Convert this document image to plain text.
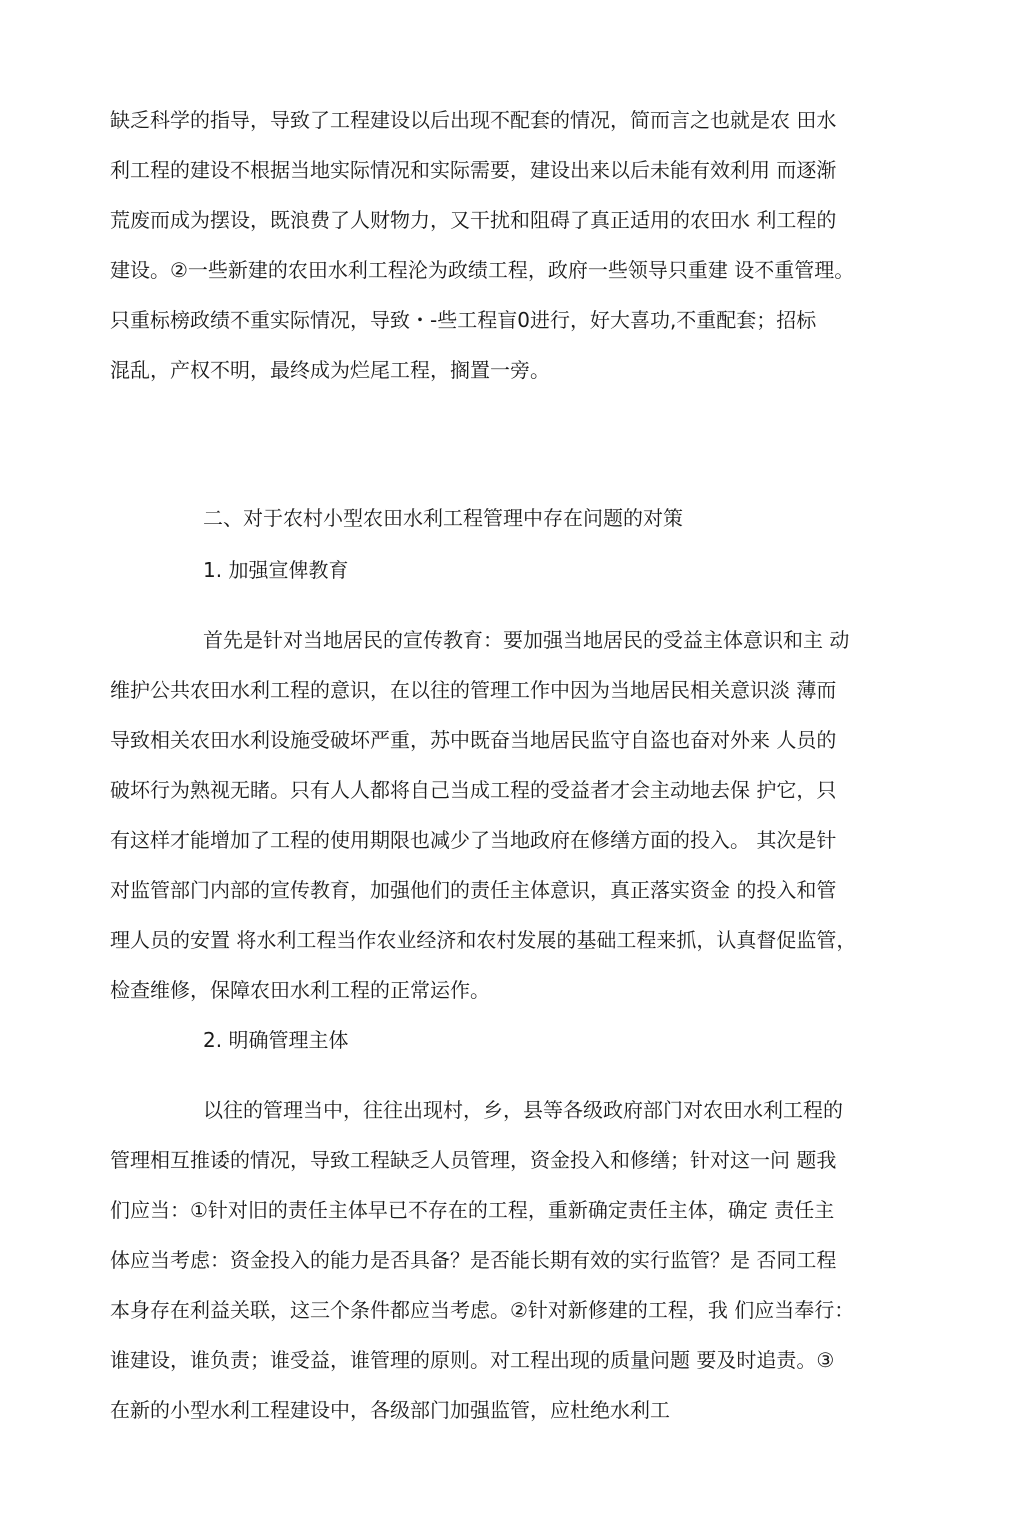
缺乏科学的指导，导致了工程建设以后出现不配套的情况，简而言之也就是农 田水
利工程的建设不根据当地实际情况和实际需要，建设出来以后未能有效利用 而逐渐
荒废而成为摆设，既浪费了人财物力，又干扰和阻碍了真正适用的农田水 利工程的
建设。②一些新建的农田水利工程沦为政绩工程，政府一些领导只重建 设不重管理。
只重标榜政绩不重实际情况，导致・-些工程盲0进行，好大喜功,不重配套；招标
混乱，产权不明，最终成为烂尾工程，搁置一旁。
二、对于农村小型农田水利工程管理中存在问题的对策
1. 加强宣俾教育
首先是针对当地居民的宣传教育：要加强当地居民的受益主体意识和主 动
维护公共农田水利工程的意识，在以往的管理工作中因为当地居民相关意识淡 薄而
导致相关农田水利设施受破坏严重，苏中既奋当地居民监守自盗也奋对外来 人员的
破坏行为熟视无睹。只有人人都将自己当成工程的受益者才会主动地去保 护它，只
有这样才能增加了工程的使用期限也减少了当地政府在修缮方面的投入。 其次是针
对监管部门内部的宣传教育，加强他们的责任主体意识，真正落实资金 的投入和管
理人员的安置 将水利工程当作农业经济和农村发展的基础工程来抓，认真督促监管，
检查维修，保障农田水利工程的正常运作。
2. 明确管理主体
以往的管理当中，往往出现村，乡，县等各级政府部门对农田水利工程的
管理相互推诿的情况，导致工程缺乏人员管理，资金投入和修缮；针对这一问 题我
们应当：①针对旧的责任主体早已不存在的工程，重新确定责任主体，确定 责任主
体应当考虑：资金投入的能力是否具备？是否能长期有效的实行监管？是 否同工程
本身存在利益关联，这三个条件都应当考虑。②针对新修建的工程，我 们应当奉行：
谁建设，谁负责；谁受益，谁管理的原则。对工程出现的质量问题 要及时追责。③
在新的小型水利工程建设中，各级部门加强监管，应杜绝水利工
